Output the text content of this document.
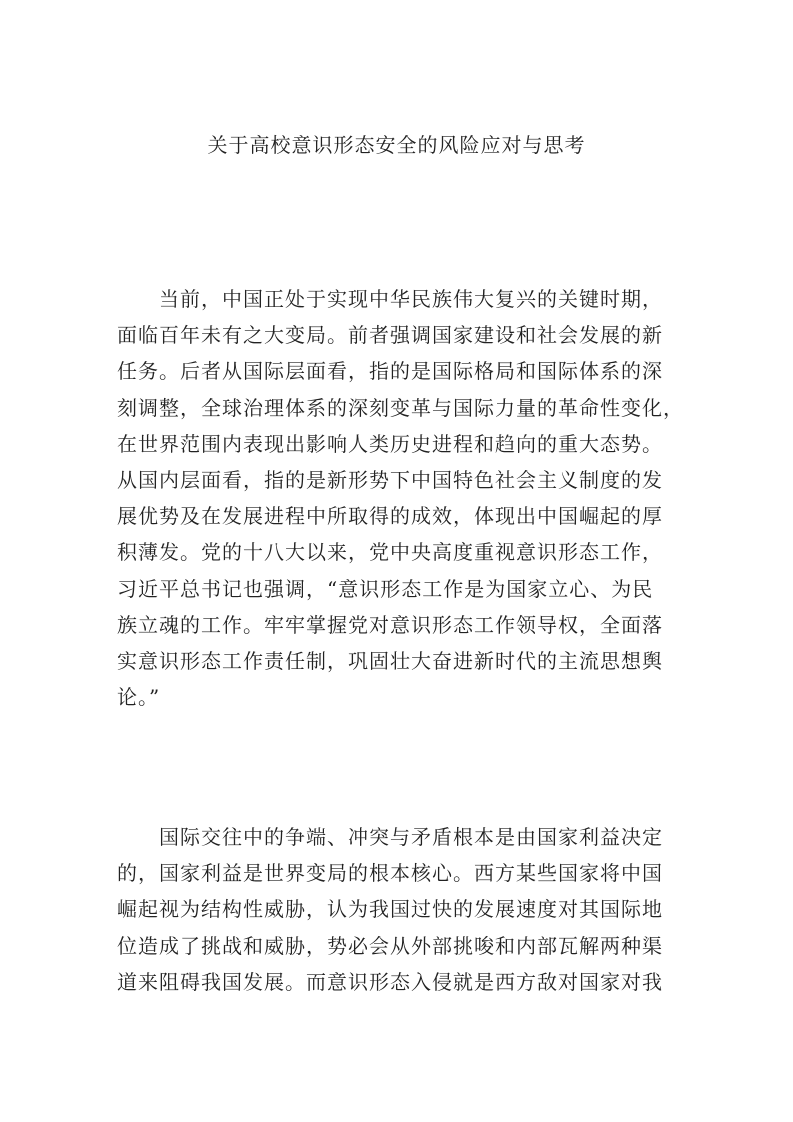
关于高校意识形态安全的风险应对与思考

　　当前，中国正处于实现中华民族伟大复兴的关键时期，
面临百年未有之大变局。前者强调国家建设和社会发展的新
任务。后者从国际层面看，指的是国际格局和国际体系的深
刻调整，全球治理体系的深刻变革与国际力量的革命性变化，
在世界范围内表现出影响人类历史进程和趋向的重大态势。
从国内层面看，指的是新形势下中国特色社会主义制度的发
展优势及在发展进程中所取得的成效，体现出中国崛起的厚
积薄发。党的十八大以来，党中央高度重视意识形态工作，
习近平总书记也强调，“意识形态工作是为国家立心、为民
族立魂的工作。牢牢掌握党对意识形态工作领导权，全面落
实意识形态工作责任制，巩固壮大奋进新时代的主流思想舆
论。”

　　国际交往中的争端、冲突与矛盾根本是由国家利益决定
的，国家利益是世界变局的根本核心。西方某些国家将中国
崛起视为结构性威胁，认为我国过快的发展速度对其国际地
位造成了挑战和威胁，势必会从外部挑唆和内部瓦解两种渠
道来阻碍我国发展。而意识形态入侵就是西方敌对国家对我
